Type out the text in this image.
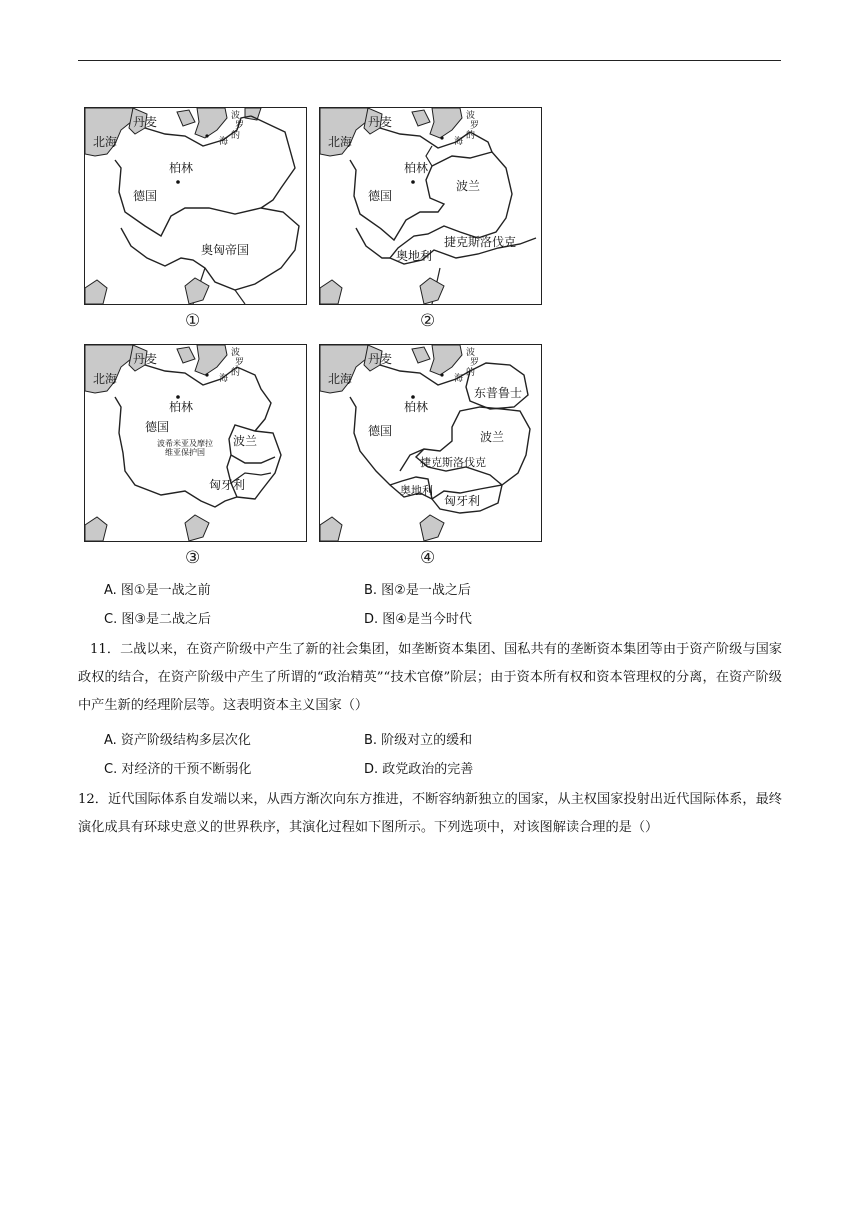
丹麦
北海
柏林
德国
波
罗
的
海
奥匈帝国
丹麦
北海
柏林
德国
波
罗
的
海
波兰
捷克斯洛伐克
奥地利
丹麦
北海
柏林
德国
波
罗
的
海
波希米亚及摩拉维亚保护国
波兰
匈牙利
丹麦
北海
柏林
德国
波
罗
的
海
东普鲁士
波兰
捷克斯洛伐克
奥地利
匈牙利
①	②
③	④
A. 图①是一战之前	B. 图②是一战之后
C. 图③是二战之后	D. 图④是当今时代
11．二战以来，在资产阶级中产生了新的社会集团，如垄断资本集团、国私共有的垄断资本集团等由于资产阶级与国家政权的结合，在资产阶级中产生了所谓的“政治精英”“技术官僚”阶层；由于资本所有权和资本管理权的分离，在资产阶级中产生新的经理阶层等。这表明资本主义国家（）
A. 资产阶级结构多层次化	B. 阶级对立的缓和
C. 对经济的干预不断弱化	D. 政党政治的完善
12．近代国际体系自发端以来，从西方渐次向东方推进，不断容纳新独立的国家，从主权国家投射出近代国际体系，最终演化成具有环球史意义的世界秩序，其演化过程如下图所示。下列选项中，对该图解读合理的是（）
